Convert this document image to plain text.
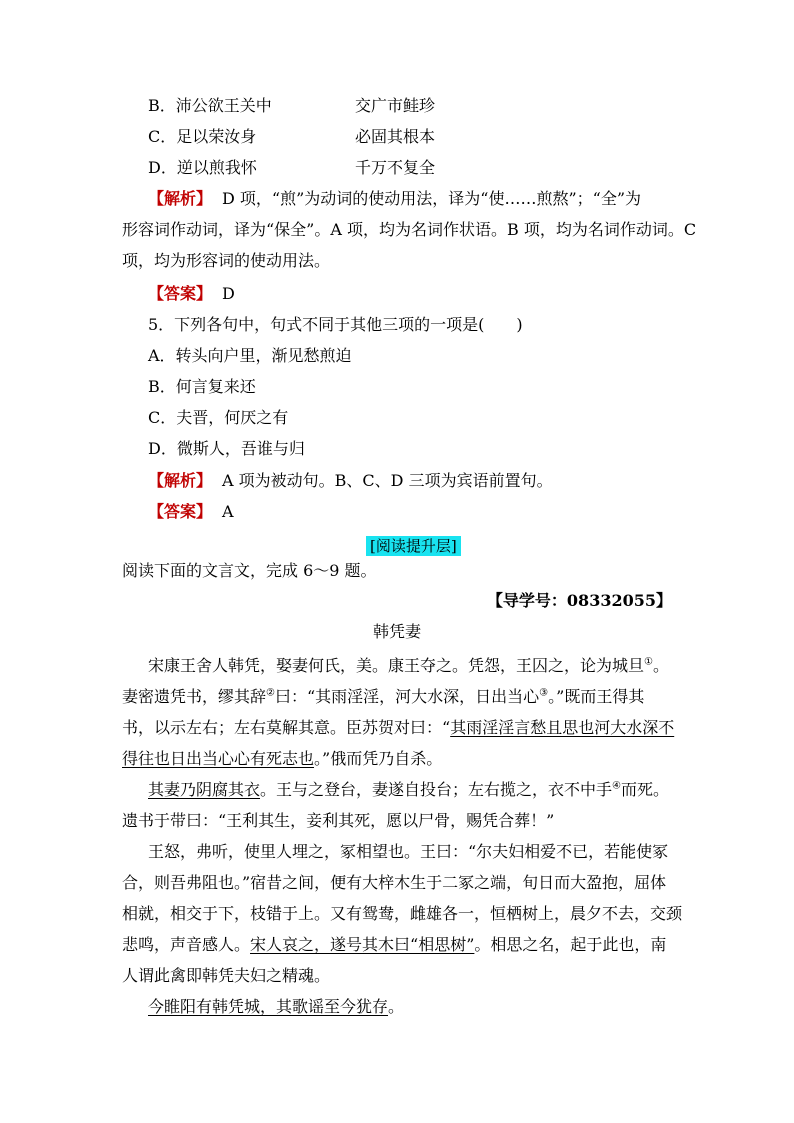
B．沛公欲王关中	交广市鲑珍
C．足以荣汝身	必固其根本
D．逆以煎我怀	千万不复全
【解析】 D 项，“煎”为动词的使动用法，译为“使……煎熬”；“全”为
形容词作动词，译为“保全”。A 项，均为名词作状语。B 项，均为名词作动词。C
项，均为形容词的使动用法。
【答案】 D
5．下列各句中，句式不同于其他三项的一项是(　　)
A．转头向户里，渐见愁煎迫
B．何言复来还
C．夫晋，何厌之有
D．微斯人，吾谁与归
【解析】 A 项为被动句。B、C、D 三项为宾语前置句。
【答案】 A
[阅读提升层]
阅读下面的文言文，完成 6～9 题。
【导学号：08332055】
韩凭妻
宋康王舍人韩凭，娶妻何氏，美。康王夺之。凭怨，王囚之，论为城旦①。
妻密遗凭书，缪其辞②曰：“其雨淫淫，河大水深，日出当心③。”既而王得其
书，以示左右；左右莫解其意。臣苏贺对曰：“其雨淫淫言愁且思也河大水深不
得往也日出当心心有死志也。”俄而凭乃自杀。
其妻乃阴腐其衣。王与之登台，妻遂自投台；左右揽之，衣不中手④而死。
遗书于带曰：“王利其生，妾利其死，愿以尸骨，赐凭合葬！”
王怒，弗听，使里人埋之，冢相望也。王曰：“尔夫妇相爱不已，若能使冢
合，则吾弗阻也。”宿昔之间，便有大梓木生于二冢之端，旬日而大盈抱，屈体
相就，相交于下，枝错于上。又有鸳鸯，雌雄各一，恒栖树上，晨夕不去，交颈
悲鸣，声音感人。宋人哀之，遂号其木曰“相思树”。相思之名，起于此也，南
人谓此禽即韩凭夫妇之精魂。
今睢阳有韩凭城，其歌谣至今犹存。
